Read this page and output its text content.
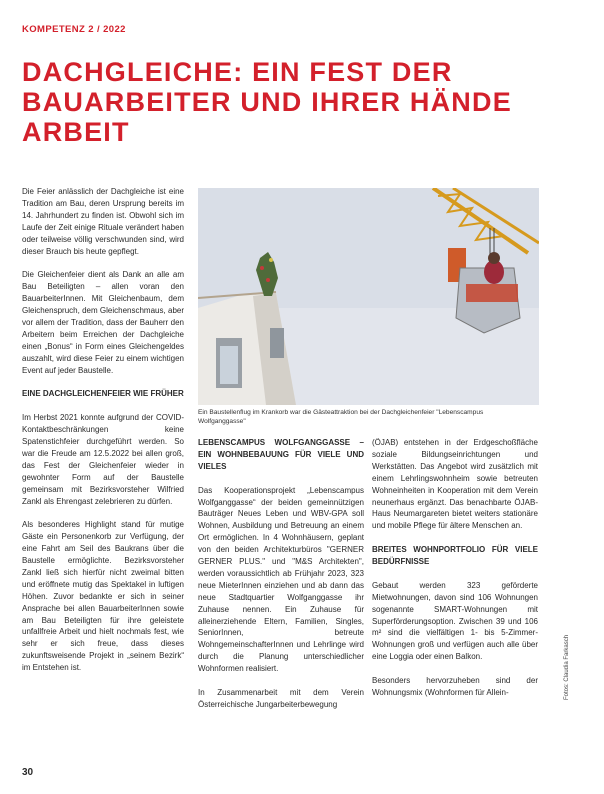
KOMPETENZ 2 / 2022
DACHGLEICHE: EIN FEST DER BAUARBEITER UND IHRER HÄNDE ARBEIT

Die Feier anlässlich der Dachgleiche ist eine Tradition am Bau, deren Ursprung bereits im 14. Jahrhundert zu finden ist. Obwohl sich im Laufe der Zeit einige Rituale verändert haben oder teilweise völlig verschwunden sind, wird dieser Brauch bis heute gepflegt.

Die Gleichenfeier dient als Dank an alle am Bau Beteiligten – allen voran den BauarbeiterInnen. Mit Gleichenbaum, dem Gleichenspruch, dem Gleichenschmaus, aber vor allem der Tradition, dass der Bauherr den Arbeitern beim Erreichen der Dachgleiche einen „Bonus“ in Form eines Gleichengeldes auszahlt, wird diese Feier zu einem wichtigen Event auf jeder Baustelle.

EINE DACHGLEICHENFEIER WIE FRÜHER

Im Herbst 2021 konnte aufgrund der COVID-Kontaktbeschränkungen keine Spatenstichfeier durchgeführt werden. So war die Freude am 12.5.2022 bei allen groß, das Fest der Gleichenfeier wieder in gewohnter Form auf der Baustelle gemeinsam mit Bezirksvorsteher Wilfried Zankl als Ehrengast zelebrieren zu dürfen.

Als besonderes Highlight stand für mutige Gäste ein Personenkorb zur Verfügung, der eine Fahrt am Seil des Baukrans über die Baustelle ermöglichte. Bezirksvorsteher Zankl ließ sich hierfür nicht zweimal bitten und eröffnete mutig das Spektakel in luftigen Höhen. Zuvor bedankte er sich in seiner Ansprache bei allen BauarbeiterInnen sowie am Bau Beteiligten für ihre geleistete unfallfreie Arbeit und hielt nochmals fest, wie sehr er sich freue, dass dieses zukunftsweisende Projekt in „seinem Bezirk“ im Entstehen ist.

Ein Baustellenflug im Krankorb war die Gästeattraktion bei der Dachgleichenfeier "Lebenscampus Wolfganggasse"
Fotos: Claudia Farkasch
LEBENSCAMPUS WOLFGANGGASSE – EIN WOHNBEBAUUNG FÜR VIELE UND VIELES

Das Kooperationsprojekt „Lebenscampus Wolfganggasse“ der beiden gemeinnützigen Bauträger Neues Leben und WBV-GPA soll Wohnen, Ausbildung und Betreuung an einem Ort ermöglichen. In 4 Wohnhäusern, geplant von den beiden Architekturbüros "GERNER GERNER PLUS." und "M&S Architekten", werden voraussichtlich ab Frühjahr 2023, 323 neue MieterInnen einziehen und ab dann das neue Stadtquartier Wolfganggasse ihr Zuhause nennen. Ein Zuhause für alleinerziehende Eltern, Familien, Singles, SeniorInnen, betreute WohngemeinschafterInnen und Lehrlinge wird durch die Planung unterschiedlicher Wohnformen realisiert.

In Zusammenarbeit mit dem Verein Österreichische Jungarbeiterbewegung

(ÖJAB) entstehen in der Erdgeschoßfläche soziale Bildungseinrichtungen und Werkstätten. Das Angebot wird zusätzlich mit einem Lehrlingswohnheim sowie betreuten Wohneinheiten in Kooperation mit dem Verein neunerhaus ergänzt. Das benachbarte ÖJAB-Haus Neumargareten bietet weiters stationäre und mobile Pflege für ältere Menschen an.

BREITES WOHNPORTFOLIO FÜR VIELE BEDÜRFNISSE

Gebaut werden 323 geförderte Mietwohnungen, davon sind 106 Wohnungen sogenannte SMART-Wohnungen mit Superförderungsoption. Zwischen 39 und 106 m² sind die vielfältigen 1- bis 5-Zimmer-Wohnungen groß und verfügen auch alle über eine Loggia oder einen Balkon.

Besonders hervorzuheben sind der Wohnungsmix (Wohnformen für Allein-

30
